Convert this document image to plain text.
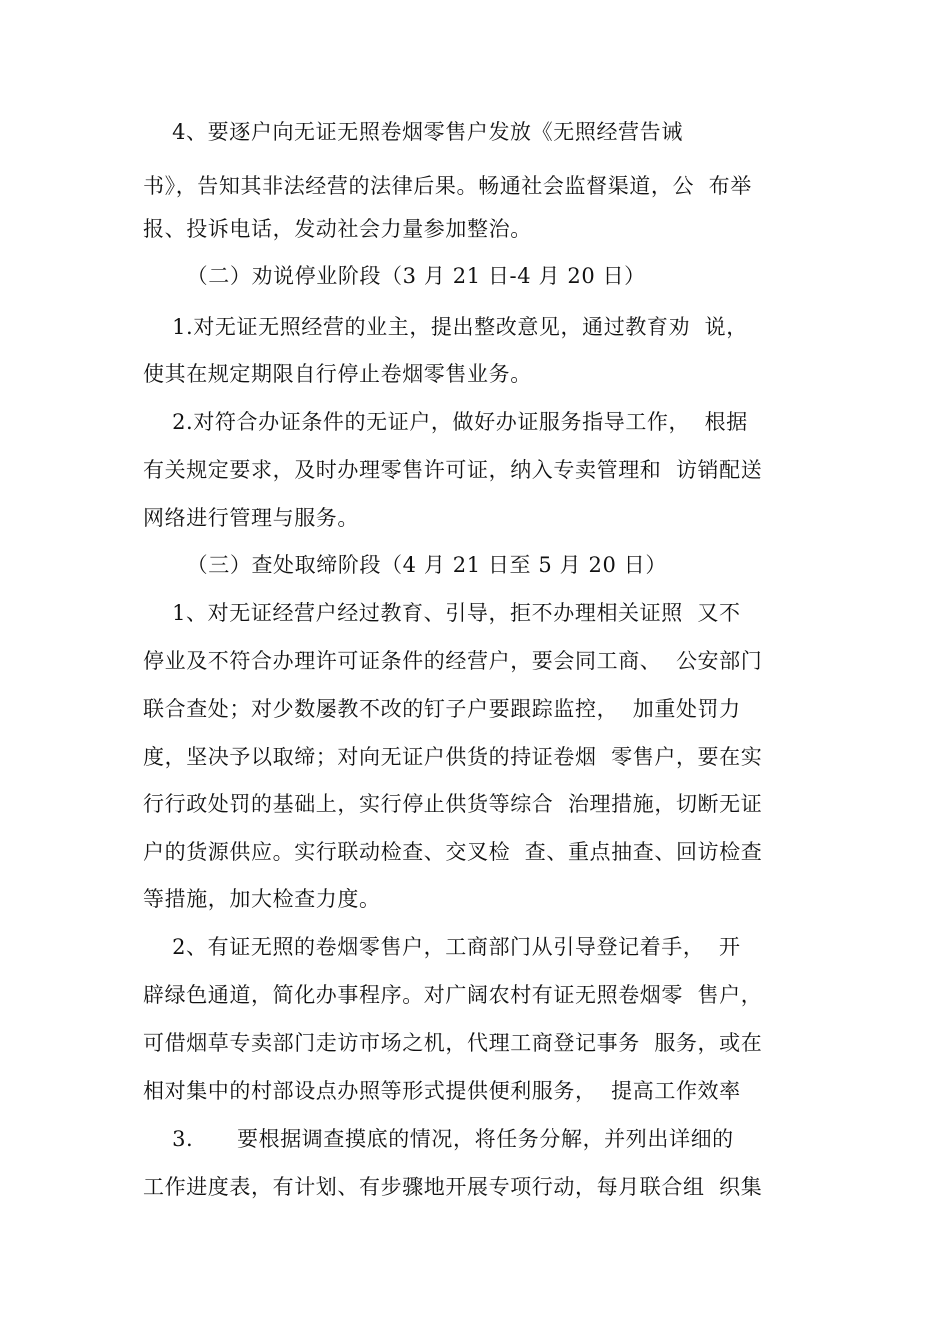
4、要逐户向无证无照卷烟零售户发放《无照经营告诫
书》，告知其非法经营的法律后果。畅通社会监督渠道，公  布举
报、投诉电话，发动社会力量参加整治。
（二）劝说停业阶段（3 月 21 日-4 月 20 日）
1.对无证无照经营的业主，提出整改意见，通过教育劝  说，
使其在规定期限自行停止卷烟零售业务。
2.对符合办证条件的无证户，做好办证服务指导工作，  根据
有关规定要求，及时办理零售许可证，纳入专卖管理和  访销配送
网络进行管理与服务。
（三）查处取缔阶段（4 月 21 日至 5 月 20 日）
1、对无证经营户经过教育、引导，拒不办理相关证照  又不
停业及不符合办理许可证条件的经营户，要会同工商、  公安部门
联合查处；对少数屡教不改的钉子户要跟踪监控，  加重处罚力
度，坚决予以取缔；对向无证户供货的持证卷烟  零售户，要在实
行行政处罚的基础上，实行停止供货等综合  治理措施，切断无证
户的货源供应。实行联动检查、交叉检  查、重点抽查、回访检查
等措施，加大检查力度。
2、有证无照的卷烟零售户，工商部门从引导登记着手，  开
辟绿色通道，简化办事程序。对广阔农村有证无照卷烟零  售户，
可借烟草专卖部门走访市场之机，代理工商登记事务  服务，或在
相对集中的村部设点办照等形式提供便利服务，  提高工作效率
3.      要根据调查摸底的情况，将任务分解，并列出详细的
工作进度表，有计划、有步骤地开展专项行动，每月联合组  织集
